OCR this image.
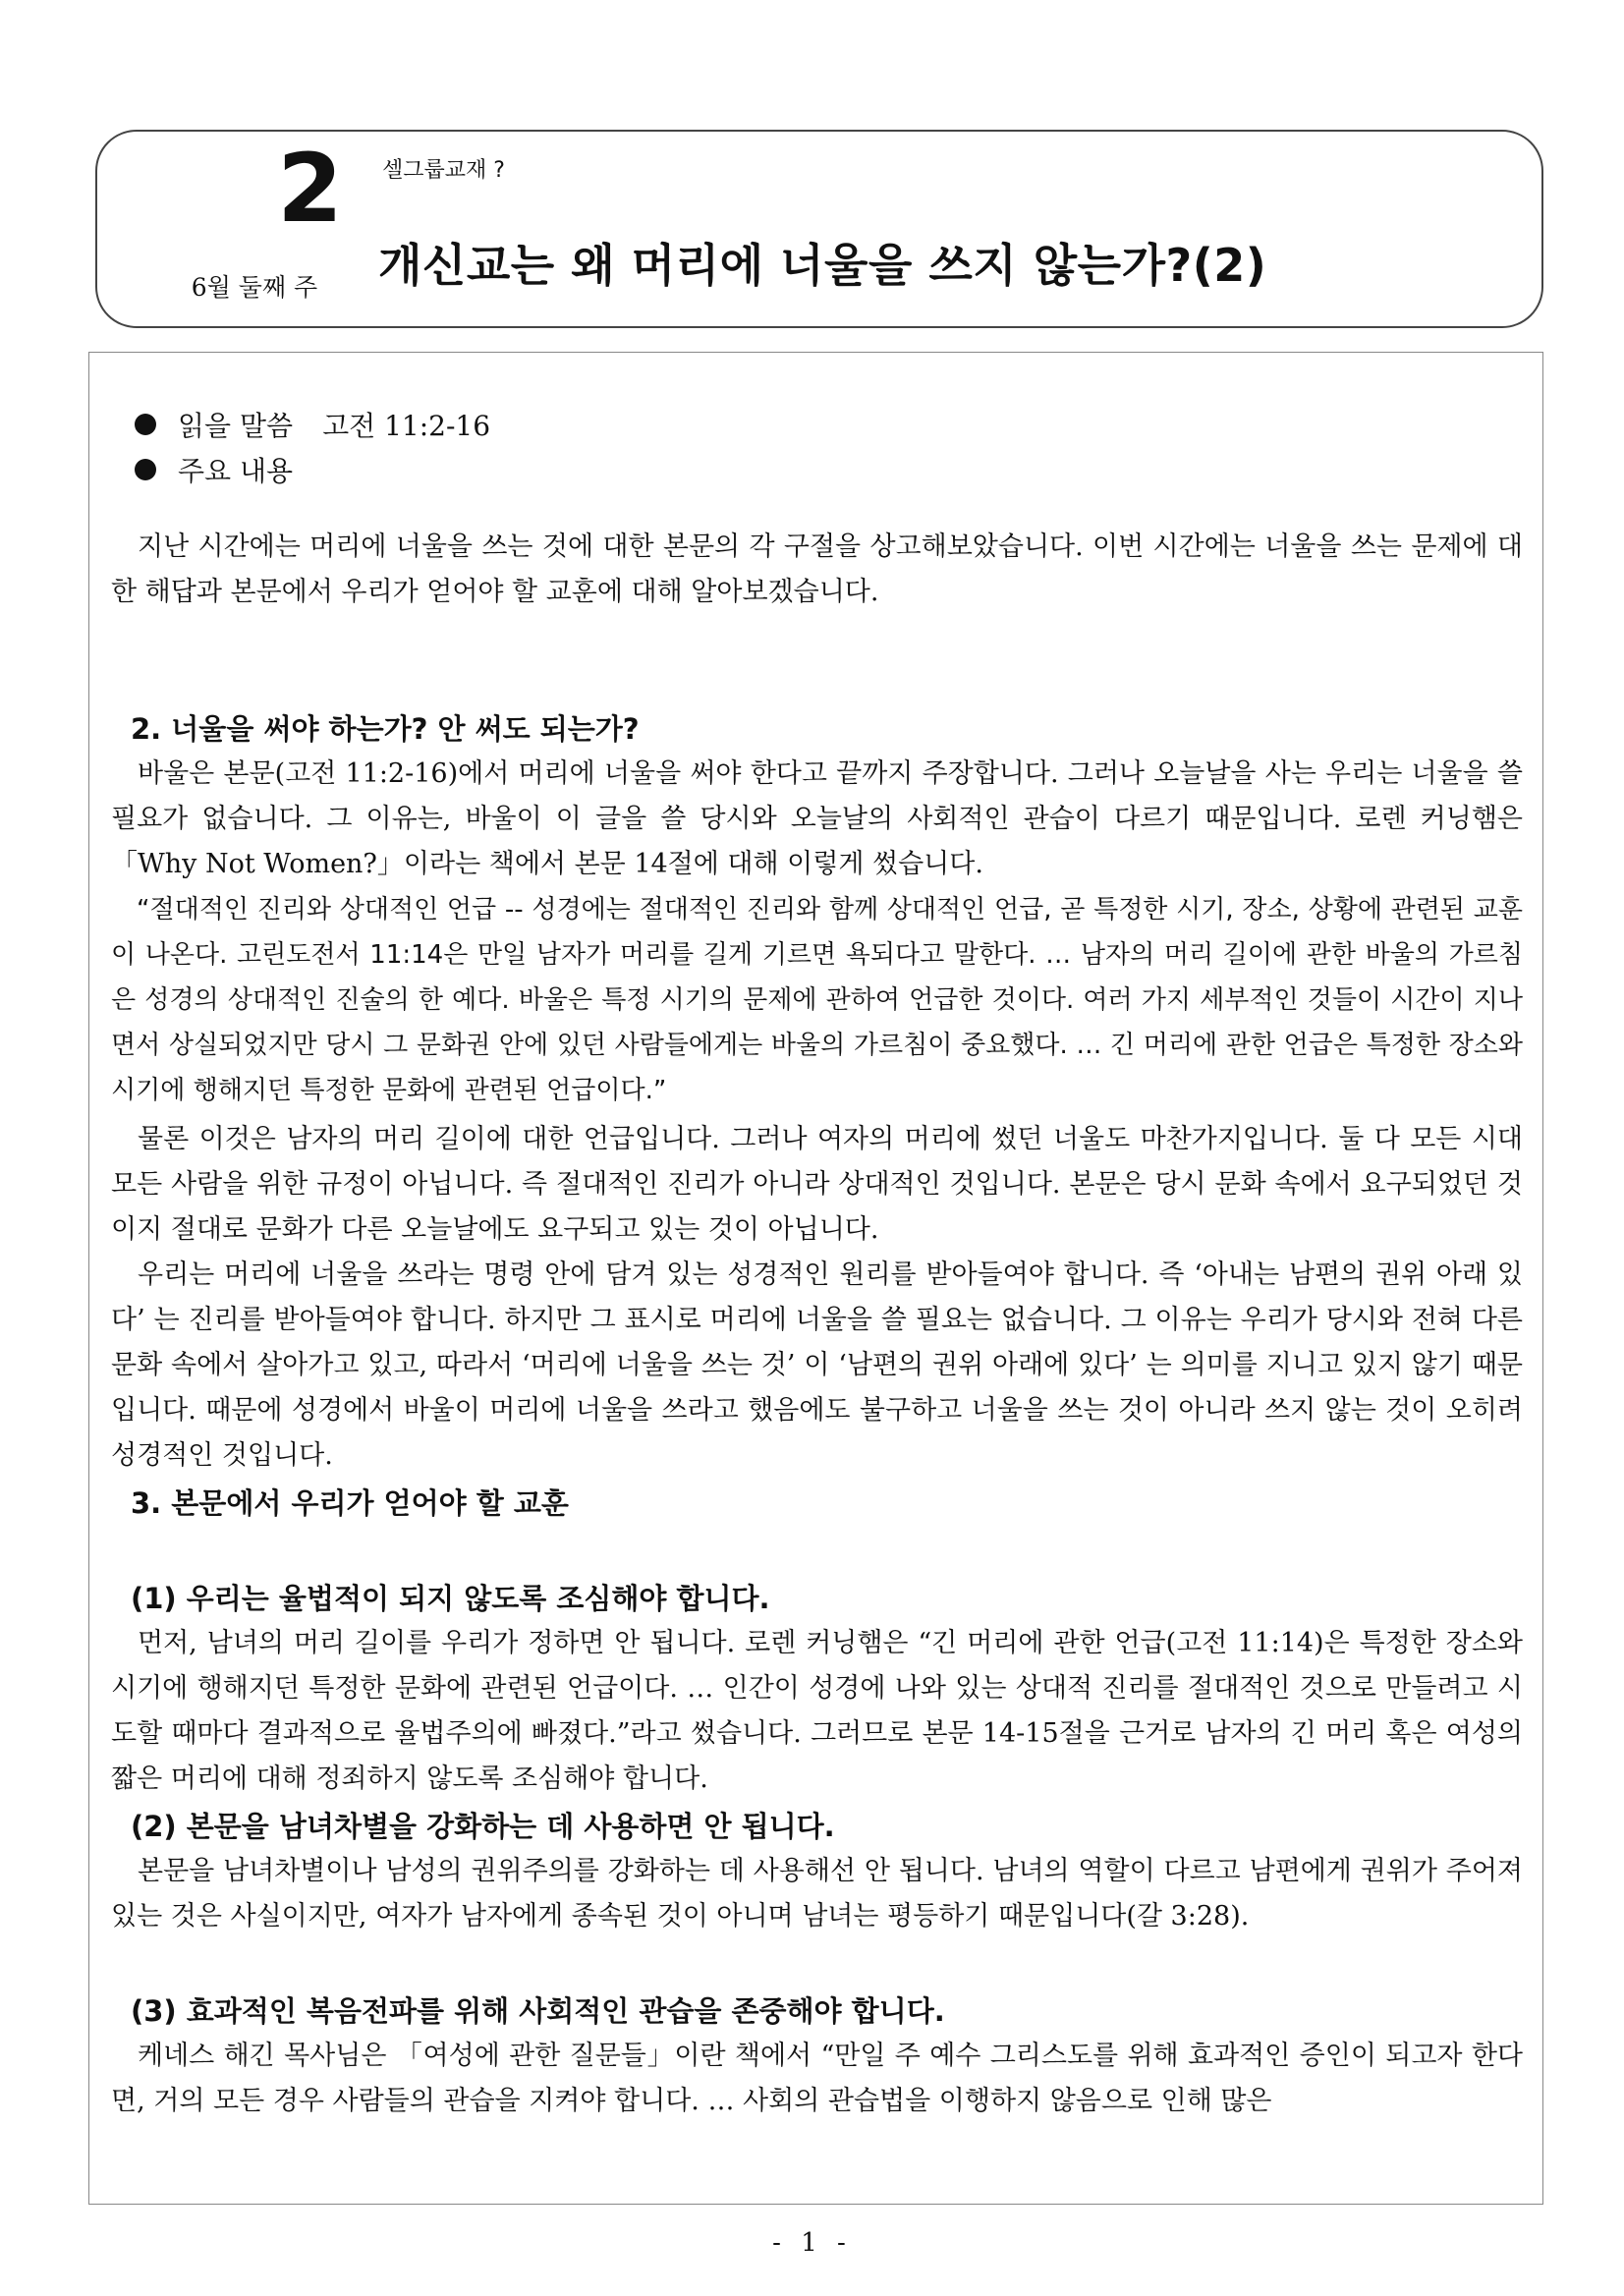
2
6월 둘째 주
셀그룹교재 ?
개신교는 왜 머리에 너울을 쓰지 않는가?(2)
읽을 말씀 고전 11:2-16
주요 내용

지난 시간에는 머리에 너울을 쓰는 것에 대한 본문의 각 구절을 상고해보았습니다. 이번 시간에는 너울을 쓰는 문제에 대한 해답과 본문에서 우리가 얻어야 할 교훈에 대해 알아보겠습니다.

2. 너울을 써야 하는가? 안 써도 되는가?

바울은 본문(고전 11:2-16)에서 머리에 너울을 써야 한다고 끝까지 주장합니다. 그러나 오늘날을 사는 우리는 너울을 쓸 필요가 없습니다. 그 이유는, 바울이 이 글을 쓸 당시와 오늘날의 사회적인 관습이 다르기 때문입니다. 로렌 커닝햄은 「Why Not Women?」이라는 책에서 본문 14절에 대해 이렇게 썼습니다.

“절대적인 진리와 상대적인 언급 -- 성경에는 절대적인 진리와 함께 상대적인 언급, 곧 특정한 시기, 장소, 상황에 관련된 교훈이 나온다. 고린도전서 11:14은 만일 남자가 머리를 길게 기르면 욕되다고 말한다. … 남자의 머리 길이에 관한 바울의 가르침은 성경의 상대적인 진술의 한 예다. 바울은 특정 시기의 문제에 관하여 언급한 것이다. 여러 가지 세부적인 것들이 시간이 지나면서 상실되었지만 당시 그 문화권 안에 있던 사람들에게는 바울의 가르침이 중요했다. … 긴 머리에 관한 언급은 특정한 장소와 시기에 행해지던 특정한 문화에 관련된 언급이다.”

물론 이것은 남자의 머리 길이에 대한 언급입니다. 그러나 여자의 머리에 썼던 너울도 마찬가지입니다. 둘 다 모든 시대 모든 사람을 위한 규정이 아닙니다. 즉 절대적인 진리가 아니라 상대적인 것입니다. 본문은 당시 문화 속에서 요구되었던 것이지 절대로 문화가 다른 오늘날에도 요구되고 있는 것이 아닙니다.

우리는 머리에 너울을 쓰라는 명령 안에 담겨 있는 성경적인 원리를 받아들여야 합니다. 즉 ‘아내는 남편의 권위 아래 있다’ 는 진리를 받아들여야 합니다. 하지만 그 표시로 머리에 너울을 쓸 필요는 없습니다. 그 이유는 우리가 당시와 전혀 다른 문화 속에서 살아가고 있고, 따라서 ‘머리에 너울을 쓰는 것’ 이 ‘남편의 권위 아래에 있다’ 는 의미를 지니고 있지 않기 때문입니다. 때문에 성경에서 바울이 머리에 너울을 쓰라고 했음에도 불구하고 너울을 쓰는 것이 아니라 쓰지 않는 것이 오히려 성경적인 것입니다.

3. 본문에서 우리가 얻어야 할 교훈
(1) 우리는 율법적이 되지 않도록 조심해야 합니다.

먼저, 남녀의 머리 길이를 우리가 정하면 안 됩니다. 로렌 커닝햄은 “긴 머리에 관한 언급(고전 11:14)은 특정한 장소와 시기에 행해지던 특정한 문화에 관련된 언급이다. … 인간이 성경에 나와 있는 상대적 진리를 절대적인 것으로 만들려고 시도할 때마다 결과적으로 율법주의에 빠졌다.”라고 썼습니다. 그러므로 본문 14-15절을 근거로 남자의 긴 머리 혹은 여성의 짧은 머리에 대해 정죄하지 않도록 조심해야 합니다.

(2) 본문을 남녀차별을 강화하는 데 사용하면 안 됩니다.

본문을 남녀차별이나 남성의 권위주의를 강화하는 데 사용해선 안 됩니다. 남녀의 역할이 다르고 남편에게 권위가 주어져 있는 것은 사실이지만, 여자가 남자에게 종속된 것이 아니며 남녀는 평등하기 때문입니다(갈 3:28).

(3) 효과적인 복음전파를 위해 사회적인 관습을 존중해야 합니다.

케네스 해긴 목사님은 「여성에 관한 질문들」이란 책에서 “만일 주 예수 그리스도를 위해 효과적인 증인이 되고자 한다면, 거의 모든 경우 사람들의 관습을 지켜야 합니다. … 사회의 관습법을 이행하지 않음으로 인해 많은

- 1 -
